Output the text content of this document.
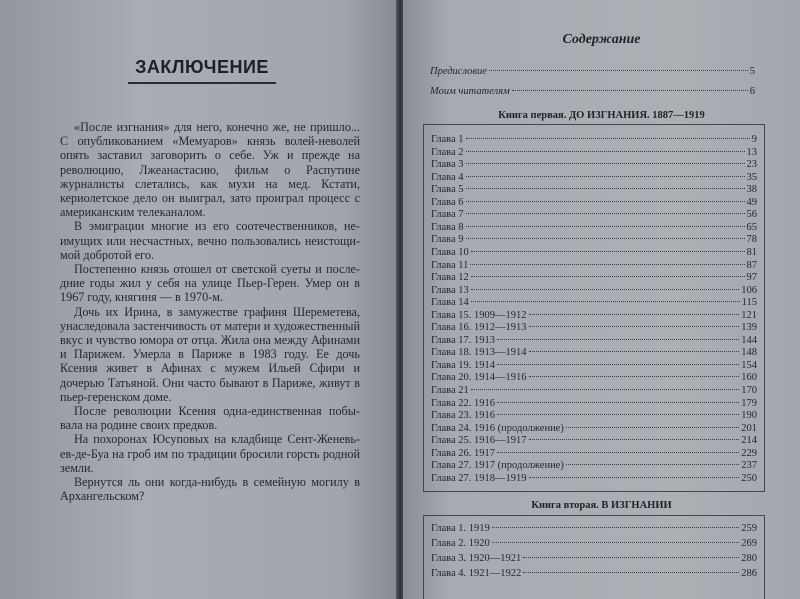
ЗАКЛЮЧЕНИЕ

«После изгнания» для него, конечно же, не пришло... С опубликованием «Мемуаров» князь волей-неволей опять заставил заговорить о себе. Уж и прежде на революцию, Лжеанастасию, фильм о Распутине журналисты слетались, как мухи на мед. Кстати, кериолетское дело он выиграл, зато проиграл процесс с американским телеканалом.

В эмиграции многие из его соотечественников, неимущих или несчастных, вечно пользовались неистощимой добротой его.

Постепенно князь отошел от светской суеты и последние годы жил у себя на улице Пьер-Герен. Умер он в 1967 году, княгиня — в 1970-м.

Дочь их Ирина, в замужестве графиня Шереметева, унаследовала застенчивость от матери и художественный вкус и чувство юмора от отца. Жила она между Афинами и Парижем. Умерла в Париже в 1983 году. Ее дочь Ксения живет в Афинах с мужем Ильей Сфири и дочерью Татьяной. Они часто бывают в Париже, живут в пьер-геренском доме.

После революции Ксения одна-единственная побывала на родине своих предков.

На похоронах Юсуповых на кладбище Сент-Женевьев-де-Буа на гроб им по традиции бросили горсть родной земли.

Вернутся ль они когда-нибудь в семейную могилу в Архангельском?

Содержание
Предисловие	5
Моим читателям	6
Книга первая. ДО ИЗГНАНИЯ. 1887—1919
Глава 1	9
Глава 2	13
Глава 3	23
Глава 4	35
Глава 5	38
Глава 6	49
Глава 7	56
Глава 8	65
Глава 9	78
Глава 10	81
Глава 11	87
Глава 12	97
Глава 13	106
Глава 14	115
Глава 15. 1909—1912	121
Глава 16. 1912—1913	139
Глава 17. 1913	144
Глава 18. 1913—1914	148
Глава 19. 1914	154
Глава 20. 1914—1916	160
Глава 21	170
Глава 22. 1916	179
Глава 23. 1916	190
Глава 24. 1916 (продолжение)	201
Глава 25. 1916—1917	214
Глава 26. 1917	229
Глава 27. 1917 (продолжение)	237
Глава 27. 1918—1919	250
Книга вторая. В ИЗГНАНИИ
Глава 1. 1919	259
Глава 2. 1920	269
Глава 3. 1920—1921	280
Глава 4. 1921—1922	286
